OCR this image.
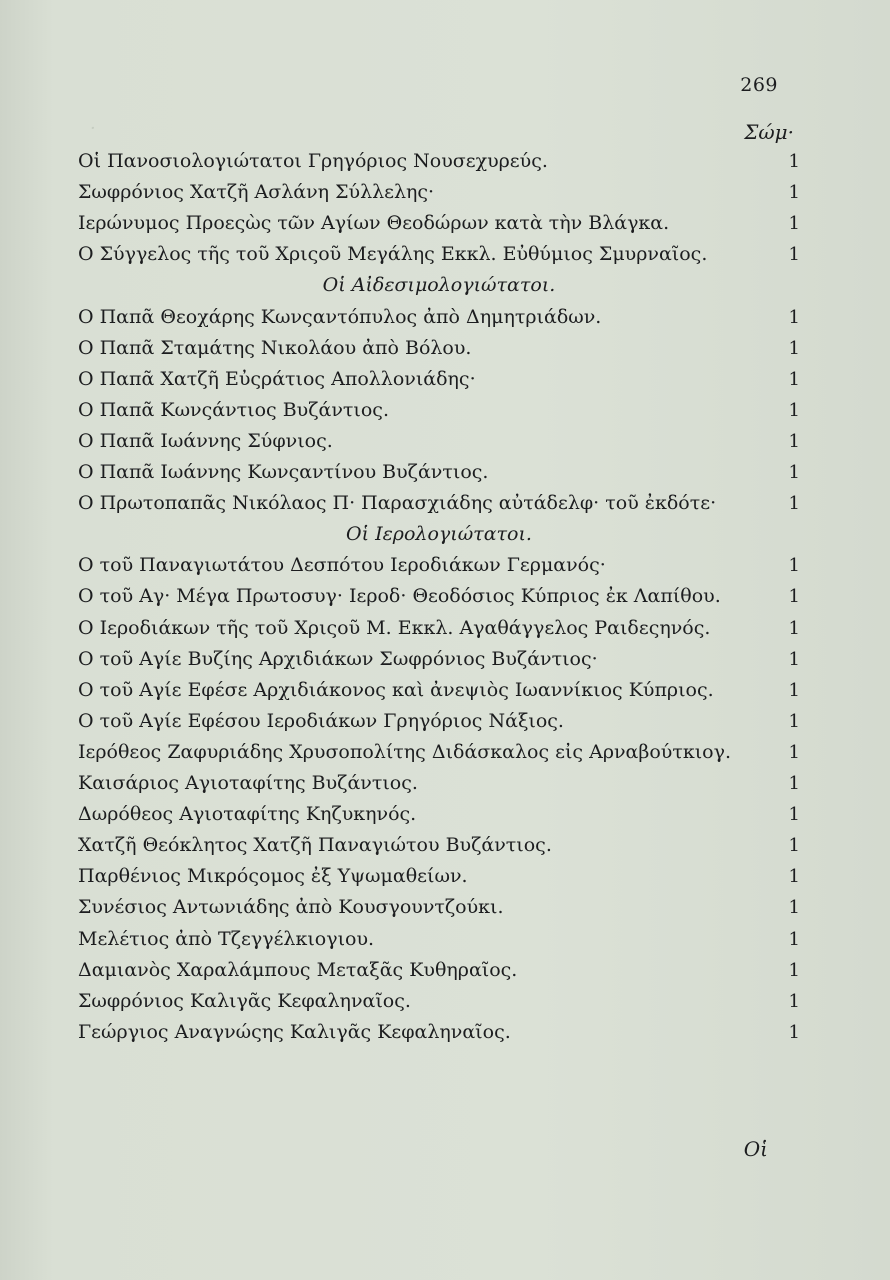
·
269
Σώμ·
Οἱ Πανοσιολογιώτατοι Γρηγόριος Νουσεχυρεύς.	1
Σωφρόνιος Χατζῆ Ασλάνη Σύλλελης·	1
Ιερώνυμος Προεςὼς τῶν Αγίων Θεοδώρων κατὰ τὴν Βλάγκα.	1
Ο Σύγγελος τῆς τοῦ Χριςοῦ Μεγάλης Εκκλ. Εὐθύμιος Σμυρναῖος.	1
Οἱ Αἰδεσιμολογιώτατοι.
Ο Παπᾶ Θεοχάρης Κωνςαντόπυλος ἀπὸ Δημητριάδων.	1
Ο Παπᾶ Σταμάτης Νικολάου ἀπὸ Βόλου.	1
Ο Παπᾶ Χατζῆ Εὐςράτιος Απολλονιάδης·	1
Ο Παπᾶ Κωνςάντιος Βυζάντιος.	1
Ο Παπᾶ Ιωάννης Σύφνιος.	1
Ο Παπᾶ Ιωάννης Κωνςαντίνου Βυζάντιος.	1
Ο Πρωτοπαπᾶς Νικόλαος Π· Παρασχιάδης αὐτάδελφ· τοῦ ἐκδότε·	1
Οἱ Ιερολογιώτατοι.
Ο τοῦ Παναγιωτάτου Δεσπότου Ιεροδιάκων Γερμανός·	1
Ο τοῦ Αγ· Μέγα Πρωτοσυγ· Ιεροδ· Θεοδόσιος Κύπριος ἐκ Λαπίθου.	1
Ο Ιεροδιάκων τῆς τοῦ Χριςοῦ Μ. Εκκλ. Αγαθάγγελος Ραιδεςηνός.	1
Ο τοῦ Αγίε Βυζίης Αρχιδιάκων Σωφρόνιος Βυζάντιος·	1
Ο τοῦ Αγίε Εφέσε Αρχιδιάκονος καὶ ἀνεψιὸς Ιωαννίκιος Κύπριος.	1
Ο τοῦ Αγίε Εφέσου Ιεροδιάκων Γρηγόριος Νάξιος.	1
Ιερόθεος Ζαφυριάδης Χρυσοπολίτης Διδάσκαλος εἰς Αρναβούτκιογ.	1
Καισάριος Αγιοταφίτης Βυζάντιος.	1
Δωρόθεος Αγιοταφίτης Κηζυκηνός.	1
Χατζῆ Θεόκλητος Χατζῆ Παναγιώτου Βυζάντιος.	1
Παρθένιος Μικρόςομος ἐξ Υψωμαθείων.	1
Συνέσιος Αντωνιάδης ἀπὸ Κουσγουντζούκι.	1
Μελέτιος ἀπὸ Τζεγγέλκιογιου.	1
Δαμιανὸς Χαραλάμπους Μεταξᾶς Κυθηραῖος.	1
Σωφρόνιος Καλιγᾶς Κεφαληναῖος.	1
Γεώργιος Αναγνώςης Καλιγᾶς Κεφαληναῖος.	1
Οἱ
